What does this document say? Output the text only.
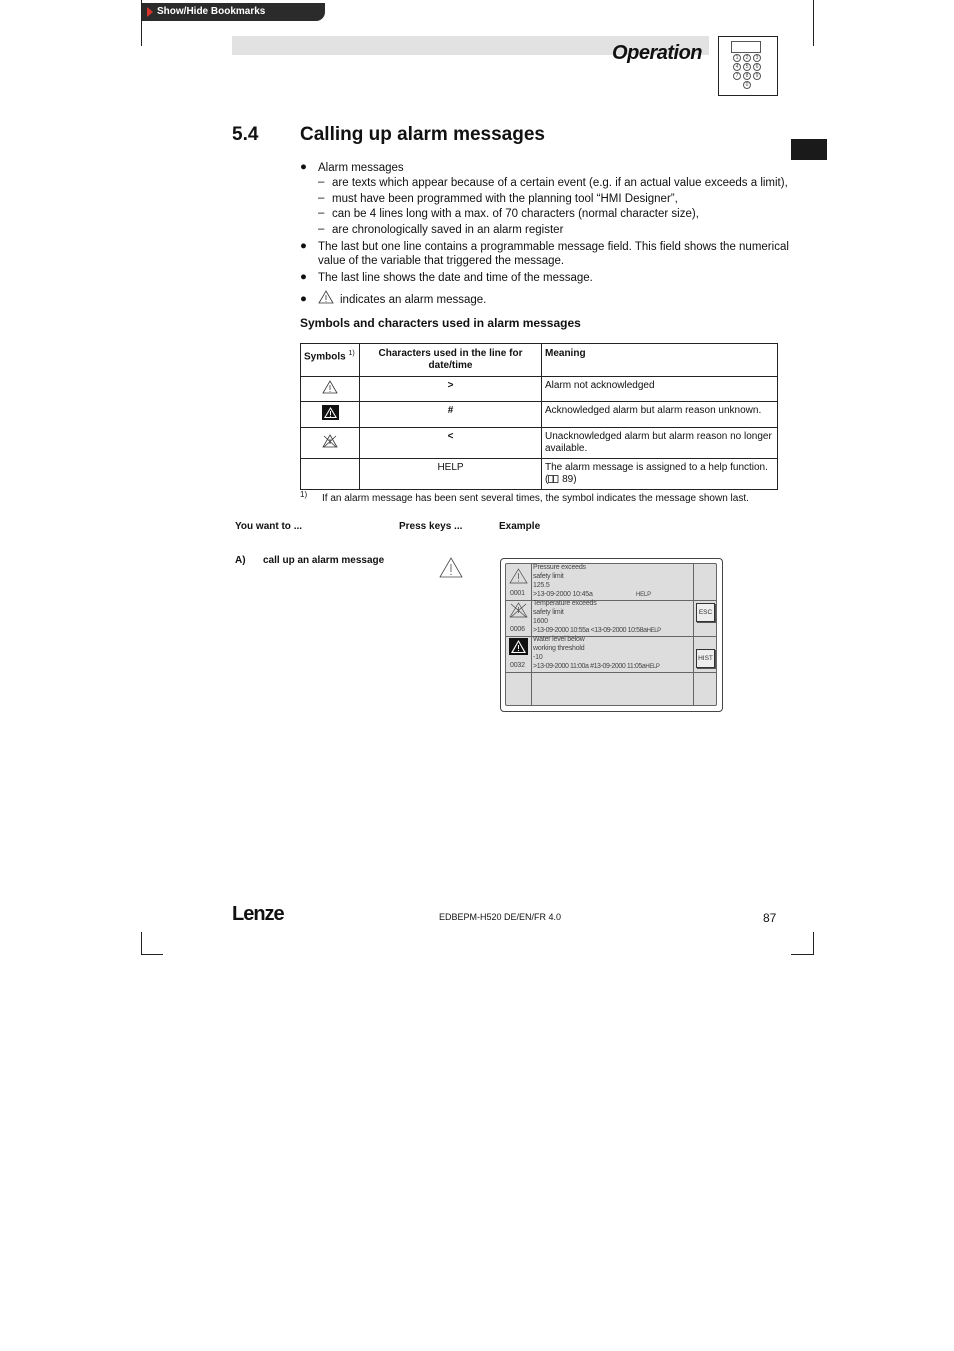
Show/Hide Bookmarks
Operation	1	2	3
4	5	6
7	8	9
0
5.4 Calling up alarm messages
● Alarm messages
– are texts which appear because of a certain event (e.g. if an actual value exceeds a limit),
– must have been programmed with the planning tool “HMI Designer”,
– can be 4 lines long with a max. of 70 characters (normal character size),
– are chronologically saved in an alarm register
● The last but one line contains a programmable message field. This field shows the numerical
value of the variable that triggered the message.
● The last line shows the date and time of the message.
●	indicates an alarm message.
Symbols and characters used in alarm messages
Symbols $^{1)}$	Characters used in the line for date/time	Meaning
	>	Alarm not acknowledged
	#	Acknowledged alarm but alarm reason unknown.
	<	Unacknowledged alarm but alarm reason no longer available.
	HELP	The alarm message is assigned to a help function.
( 89)
1) If an alarm message has been sent several times, the symbol indicates the message shown last.
You want to ...	Press keys ...	Example
A) call up an alarm message
0001
Pressure exceeds
safety limit
125.5
>13-09-2000 10:45a	HELP
0006
Temperature exceeds
safety limit
1600
>13-09-2000 10:55a <13-09-2000 10:58aHELP
0032
Water level below
working threshold
-10
>13-09-2000 11:00a #13-09-2000 11:05aHELP
ESC
HIST
Lenze	EDBEPM-H520 DE/EN/FR 4.0	87
